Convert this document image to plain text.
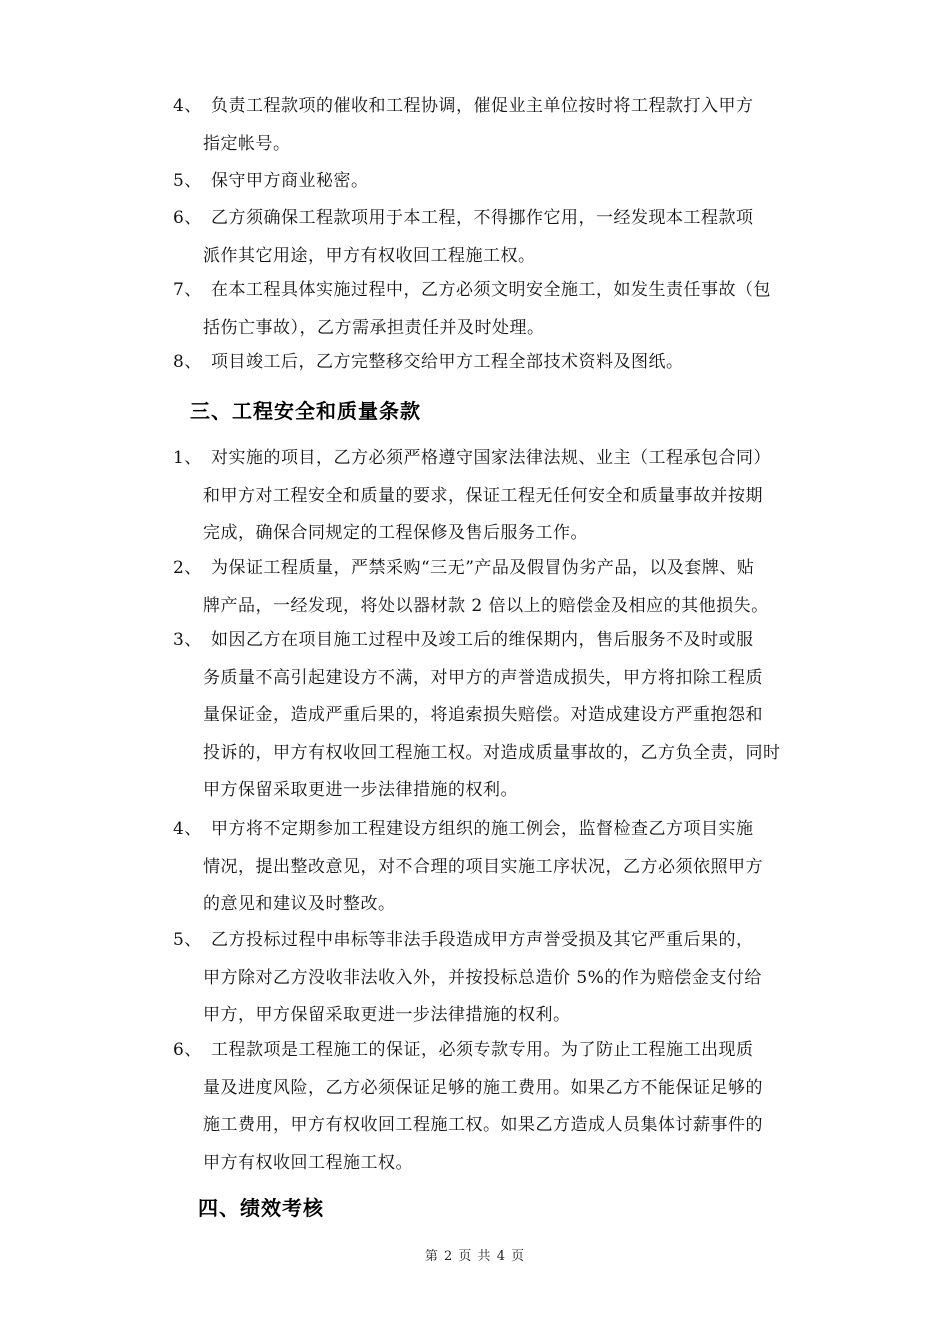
4、 负责工程款项的催收和工程协调，催促业主单位按时将工程款打入甲方
指定帐号。
5、 保守甲方商业秘密。
6、 乙方须确保工程款项用于本工程，不得挪作它用，一经发现本工程款项
派作其它用途，甲方有权收回工程施工权。
7、 在本工程具体实施过程中，乙方必须文明安全施工，如发生责任事故（包
括伤亡事故），乙方需承担责任并及时处理。
8、 项目竣工后，乙方完整移交给甲方工程全部技术资料及图纸。
三、工程安全和质量条款
1、 对实施的项目，乙方必须严格遵守国家法律法规、业主（工程承包合同）
和甲方对工程安全和质量的要求，保证工程无任何安全和质量事故并按期
完成，确保合同规定的工程保修及售后服务工作。
2、 为保证工程质量，严禁采购“三无”产品及假冒伪劣产品，以及套牌、贴
牌产品，一经发现，将处以器材款 2 倍以上的赔偿金及相应的其他损失。
3、 如因乙方在项目施工过程中及竣工后的维保期内，售后服务不及时或服
务质量不高引起建设方不满，对甲方的声誉造成损失，甲方将扣除工程质
量保证金，造成严重后果的，将追索损失赔偿。对造成建设方严重抱怨和
投诉的，甲方有权收回工程施工权。对造成质量事故的，乙方负全责，同时
甲方保留采取更进一步法律措施的权利。
4、 甲方将不定期参加工程建设方组织的施工例会，监督检查乙方项目实施
情况，提出整改意见，对不合理的项目实施工序状况，乙方必须依照甲方
的意见和建议及时整改。
5、 乙方投标过程中串标等非法手段造成甲方声誉受损及其它严重后果的，
甲方除对乙方没收非法收入外，并按投标总造价 5%的作为赔偿金支付给
甲方，甲方保留采取更进一步法律措施的权利。
6、 工程款项是工程施工的保证，必须专款专用。为了防止工程施工出现质
量及进度风险，乙方必须保证足够的施工费用。如果乙方不能保证足够的
施工费用，甲方有权收回工程施工权。如果乙方造成人员集体讨薪事件的
甲方有权收回工程施工权。
四、绩效考核
第 2 页 共 4 页
